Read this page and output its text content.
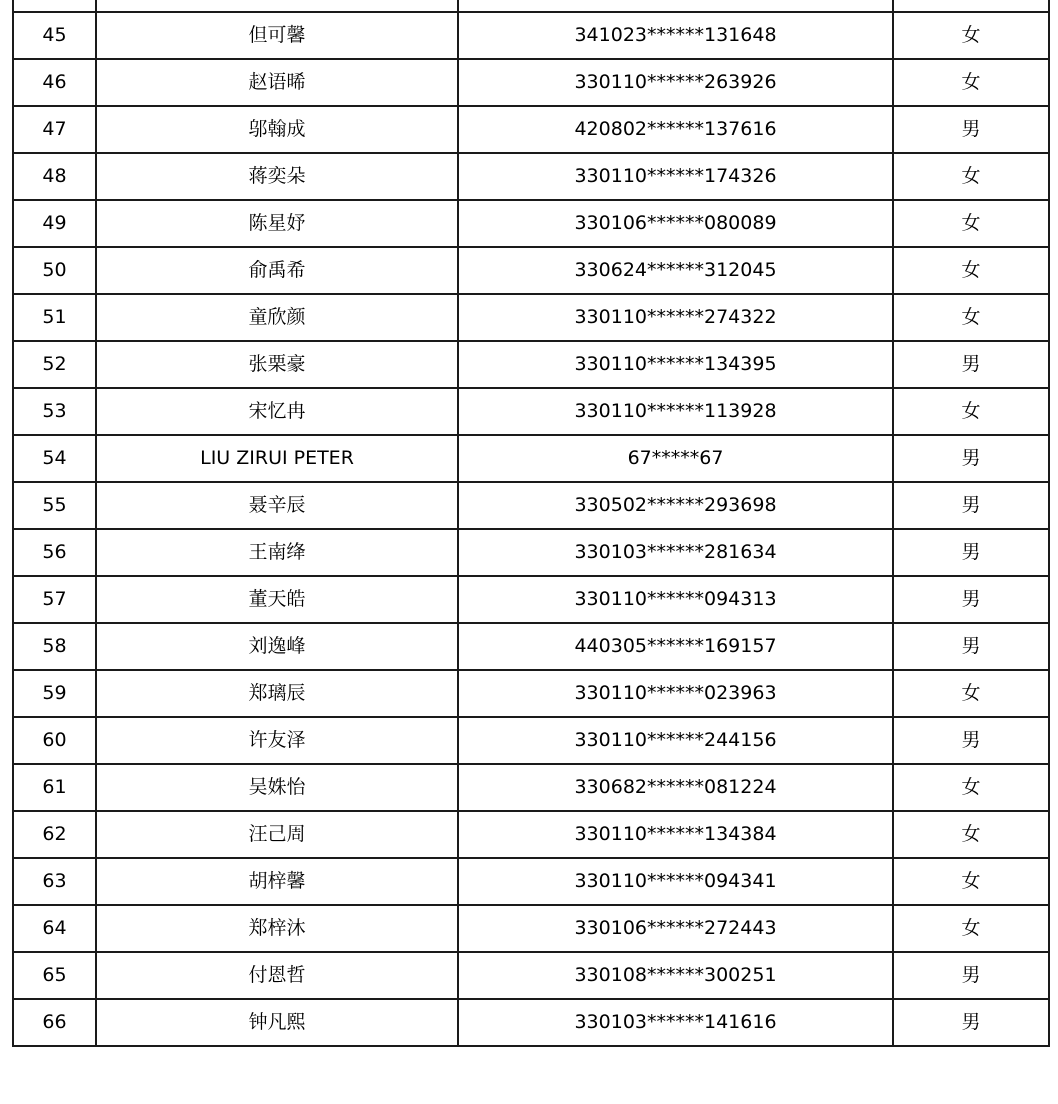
45	但可馨	341023******131648	女
46	赵语晞	330110******263926	女
47	邬翰成	420802******137616	男
48	蒋奕朵	330110******174326	女
49	陈星妤	330106******080089	女
50	俞禹希	330624******312045	女
51	童欣颜	330110******274322	女
52	张栗豪	330110******134395	男
53	宋忆冉	330110******113928	女
54	LIU ZIRUI PETER	67*****67	男
55	聂辛辰	330502******293698	男
56	王南绛	330103******281634	男
57	董天皓	330110******094313	男
58	刘逸峰	440305******169157	男
59	郑璃辰	330110******023963	女
60	许友泽	330110******244156	男
61	吴姝怡	330682******081224	女
62	汪己周	330110******134384	女
63	胡梓馨	330110******094341	女
64	郑梓沐	330106******272443	女
65	付恩哲	330108******300251	男
66	钟凡熙	330103******141616	男
